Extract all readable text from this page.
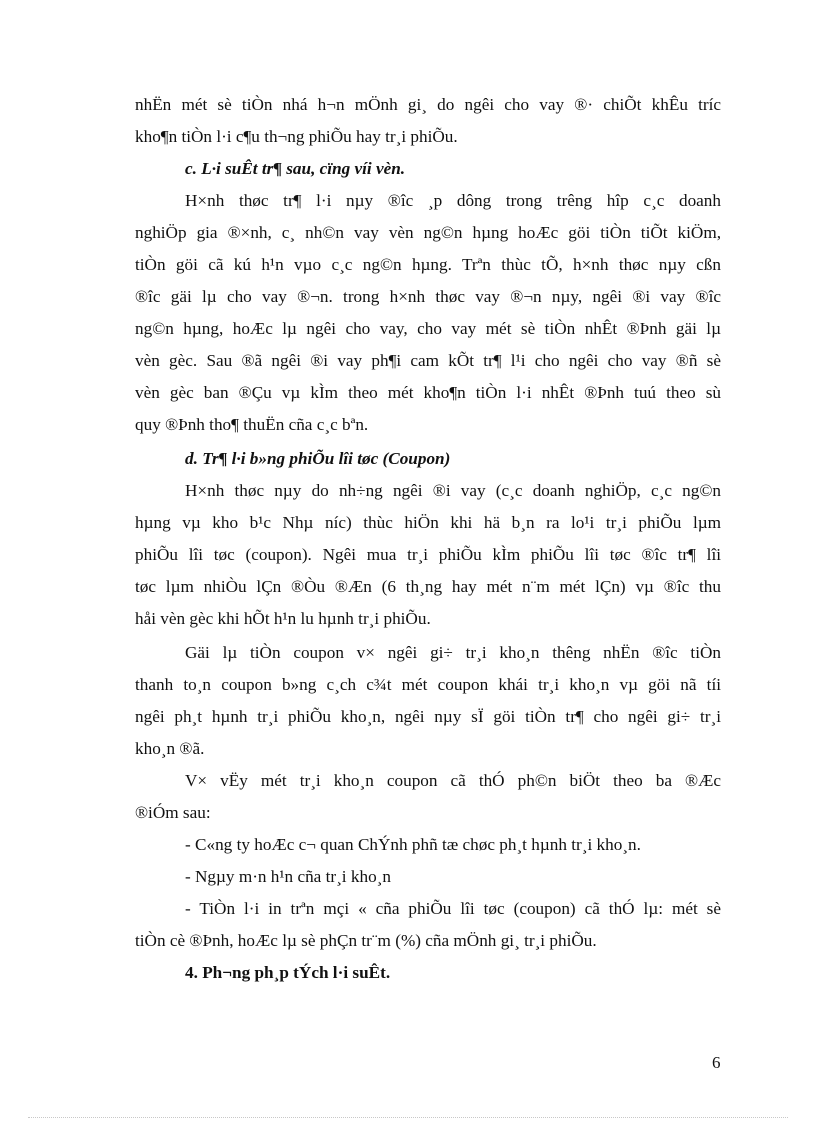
nhËn mét sè tiÒn nhá h¬n mÖnh gi¸ do ngêi cho vay ®· chiÕt khÊu tríc
kho¶n tiÒn l·i c¶u th¬ng phiÕu hay tr¸i phiÕu.
c. L·i suÊt tr¶ sau, cïng víi vèn.
H×nh thøc tr¶ l·i nµy ®îc ¸p dông trong trêng hîp c¸c doanh
nghiÖp gia ®×nh, c¸ nh©n vay vèn ng©n hµng hoÆc göi tiÒn tiÕt kiÖm,
tiÒn göi cã kú h¹n vµo c¸c ng©n hµng. Trªn thùc tÕ, h×nh thøc nµy cßn
®îc gäi lµ cho vay ®¬n. trong h×nh thøc vay ®¬n nµy, ngêi ®i vay ®îc
ng©n hµng, hoÆc lµ ngêi cho vay, cho vay mét sè tiÒn nhÊt ®Þnh gäi lµ
vèn gèc. Sau ®ã ngêi ®i vay ph¶i cam kÕt tr¶ l¹i cho ngêi cho vay ®ñ sè
vèn gèc ban ®Çu vµ kÌm theo mét kho¶n tiÒn l·i nhÊt ®Þnh tuú theo sù
quy ®Þnh tho¶ thuËn cña c¸c bªn.
d. Tr¶ l·i b»ng phiÕu lîi tøc (Coupon)
H×nh thøc nµy do nh÷ng ngêi ®i vay (c¸c doanh nghiÖp, c¸c ng©n
hµng vµ kho b¹c Nhµ níc) thùc hiÖn khi hä b¸n ra lo¹i tr¸i phiÕu lµm
phiÕu lîi tøc (coupon). Ngêi mua tr¸i phiÕu kÌm phiÕu lîi tøc ®îc tr¶ lîi
tøc lµm nhiÒu lÇn ®Òu ®Æn (6 th¸ng hay mét n¨m mét lÇn) vµ ®îc thu
håi vèn gèc khi hÕt h¹n lu hµnh tr¸i phiÕu.
Gäi lµ tiÒn coupon v× ngêi gi÷ tr¸i kho¸n thêng nhËn ®îc tiÒn
thanh to¸n coupon b»ng c¸ch c¾t mét coupon khái tr¸i kho¸n vµ göi nã tíi
ngêi ph¸t hµnh tr¸i phiÕu kho¸n, ngêi nµy sÏ göi tiÒn tr¶ cho ngêi gi÷ tr¸i
kho¸n ®ã.
V× vËy mét tr¸i kho¸n coupon cã thÓ ph©n biÖt theo ba ®Æc
®iÓm sau:
- C«ng ty hoÆc c¬ quan ChÝnh phñ tæ chøc ph¸t hµnh tr¸i kho¸n.
- Ngµy m·n h¹n cña tr¸i kho¸n
- TiÒn l·i in trªn mçi « cña phiÕu lîi tøc (coupon) cã thÓ lµ: mét sè
tiÒn cè ®Þnh, hoÆc lµ sè phÇn tr¨m (%) cña mÖnh gi¸ tr¸i phiÕu.
4. Ph¬ng ph¸p tÝch l·i suÊt.
6
